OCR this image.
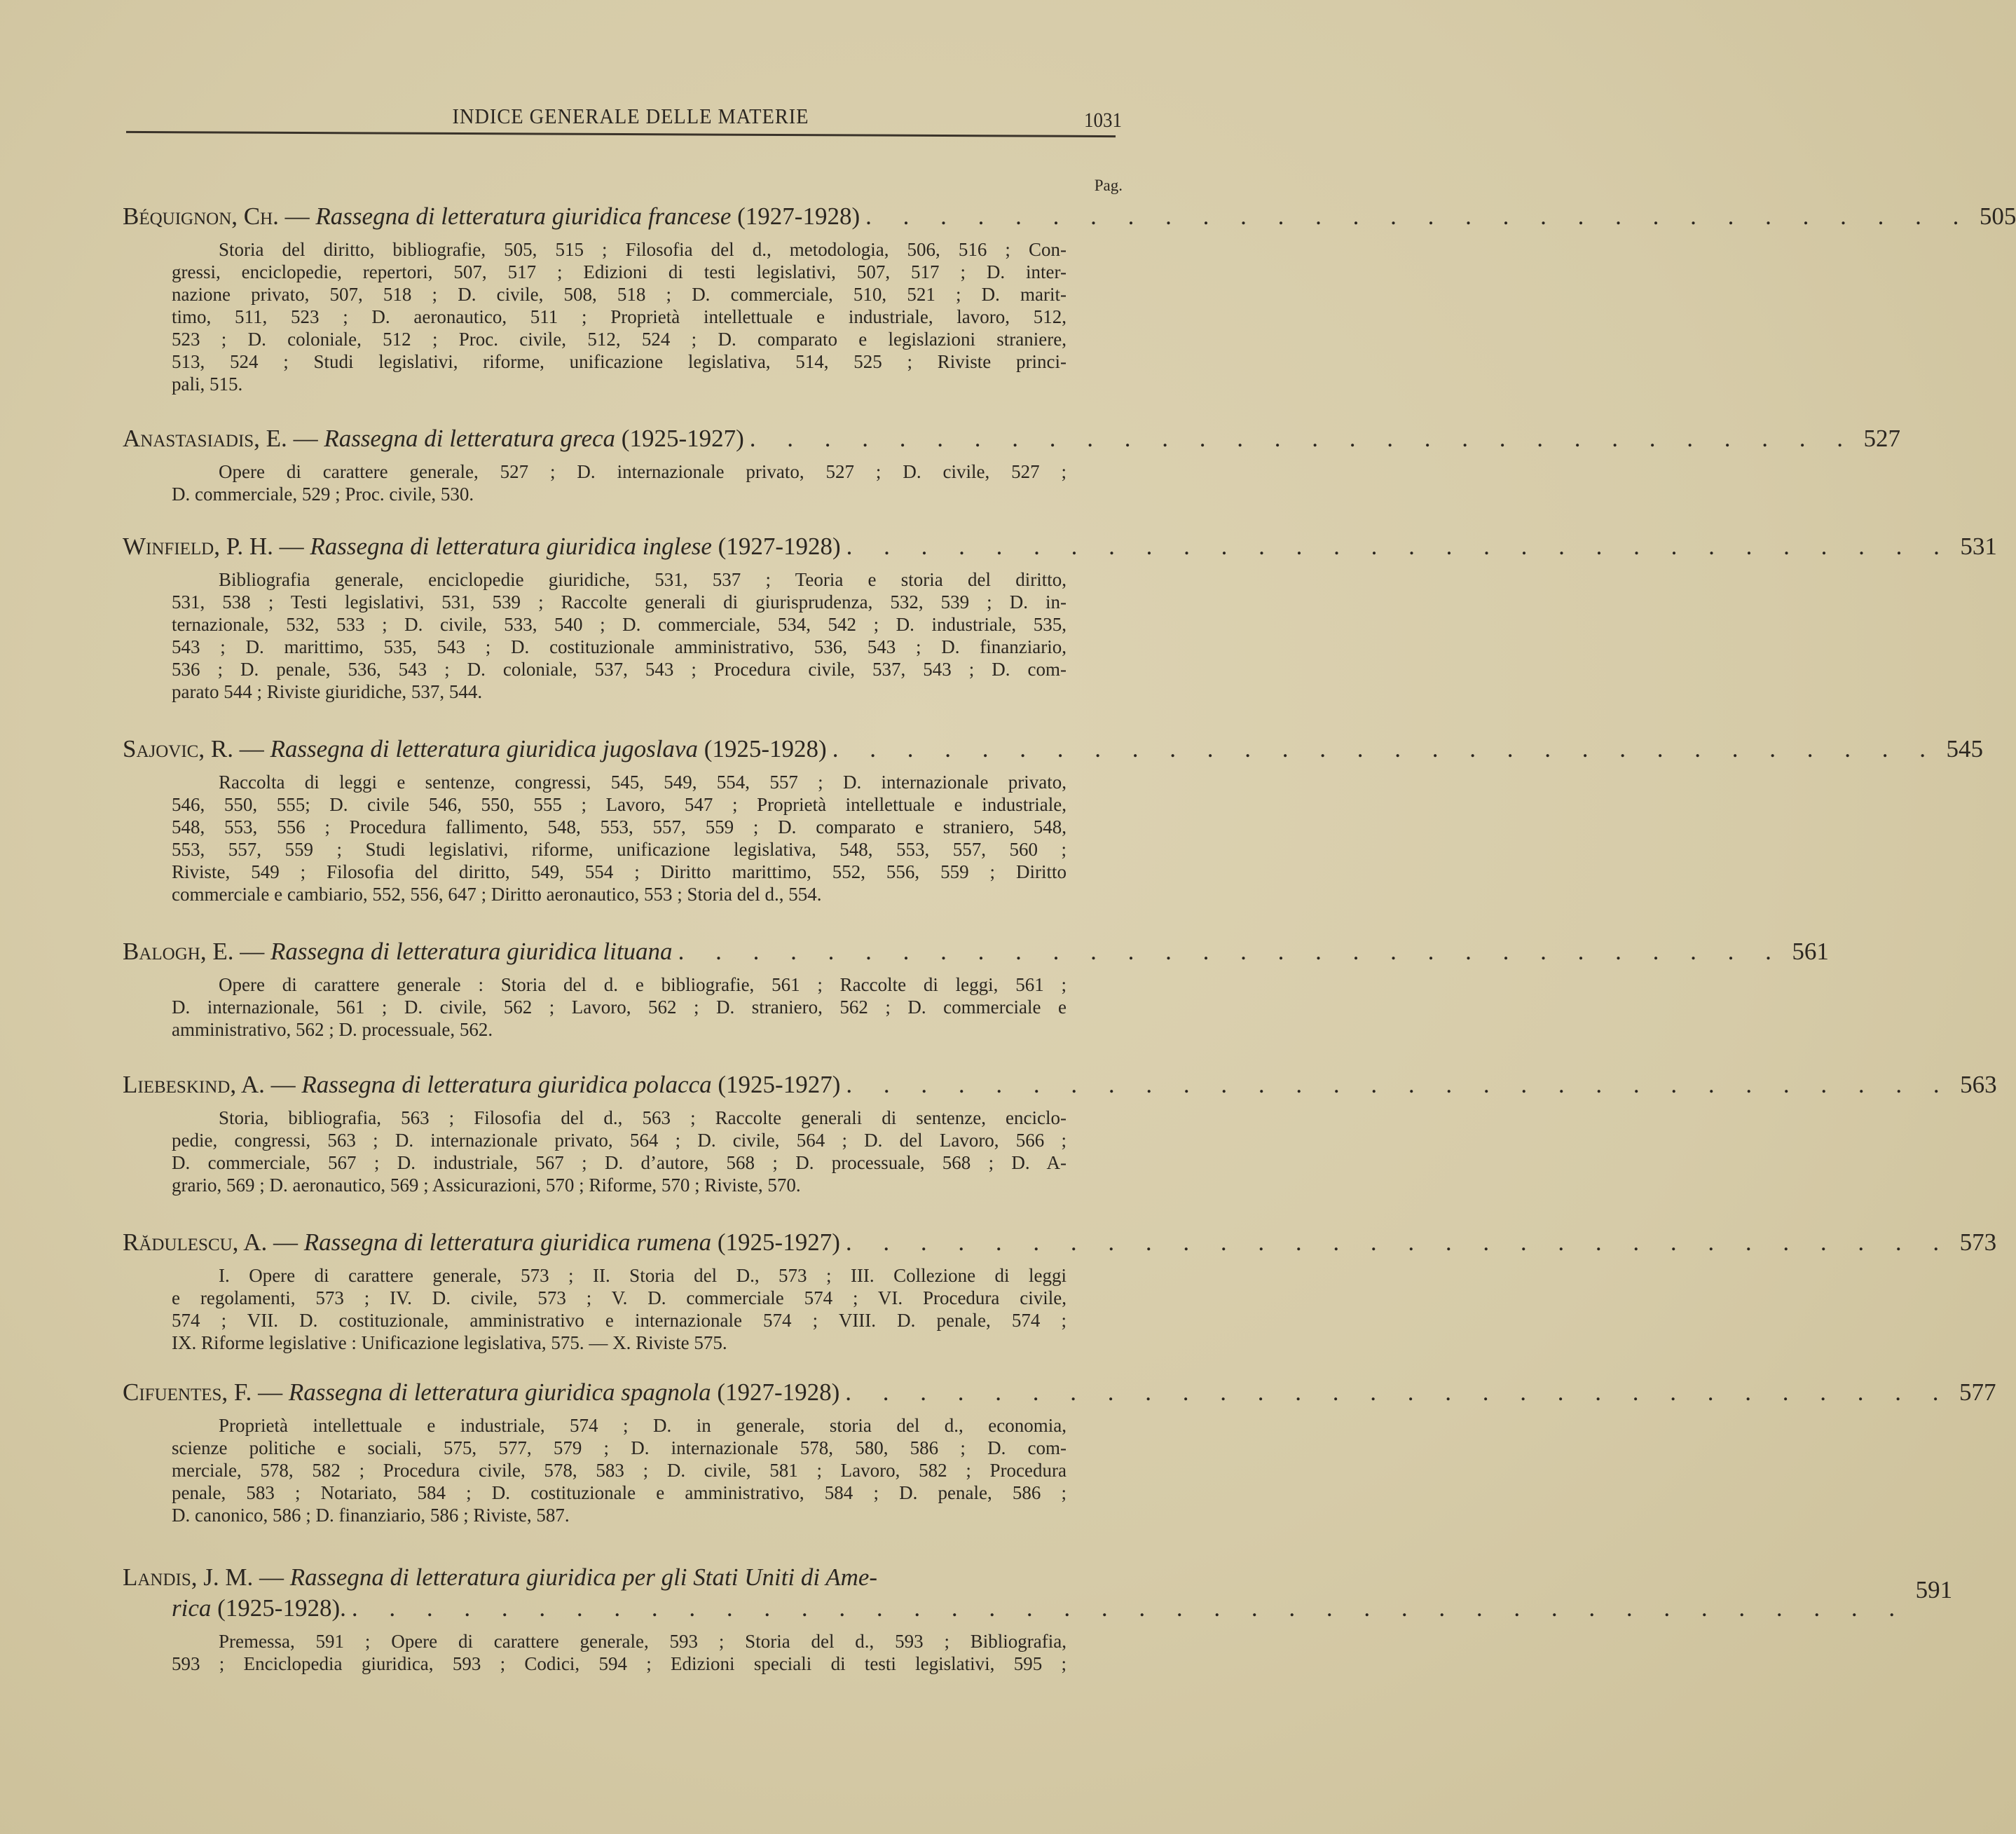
INDICE GENERALE DELLE MATERIE	1031
Pag.
Béquignon, Ch. — Rassegna di letteratura giuridica francese
(1927-1928) . . . . . . . . . . . . . . . . . . . . . . . . . . . . . . 505
Storia del diritto, bibliografie, 505, 515 ; Filosofia del d., metodologia, 506, 516 ; Con-
gressi, enciclopedie, repertori, 507, 517 ; Edizioni di testi legislativi, 507, 517 ; D. inter-
nazione privato, 507, 518 ; D. civile, 508, 518 ; D. commerciale, 510, 521 ; D. marit-
timo, 511, 523 ; D. aeronautico, 511 ; Proprietà intellettuale e industriale, lavoro, 512,
523 ; D. coloniale, 512 ; Proc. civile, 512, 524 ; D. comparato e legislazioni straniere,
513, 524 ; Studi legislativi, riforme, unificazione legislativa, 514, 525 ; Riviste princi-
pali, 515.
Anastasiadis, E. — Rassegna di letteratura greca
(1925-1927) . . . . . . . . . . . . . . . . . . . . . . . . . . . . . . 527
Opere di carattere generale, 527 ; D. internazionale privato, 527 ; D. civile, 527 ;
D. commerciale, 529 ; Proc. civile, 530.
Winfield, P. H. — Rassegna di letteratura giuridica inglese
(1927-1928) . . . . . . . . . . . . . . . . . . . . . . . . . . . . . . 531
Bibliografia generale, enciclopedie giuridiche, 531, 537 ; Teoria e storia del diritto,
531, 538 ; Testi legislativi, 531, 539 ; Raccolte generali di giurisprudenza, 532, 539 ; D. in-
ternazionale, 532, 533 ; D. civile, 533, 540 ; D. commerciale, 534, 542 ; D. industriale, 535,
543 ; D. marittimo, 535, 543 ; D. costituzionale amministrativo, 536, 543 ; D. finanziario,
536 ; D. penale, 536, 543 ; D. coloniale, 537, 543 ; Procedura civile, 537, 543 ; D. com-
parato 544 ; Riviste giuridiche, 537, 544.
Sajovic, R. — Rassegna di letteratura giuridica jugoslava
(1925-1928) . . . . . . . . . . . . . . . . . . . . . . . . . . . . . . 545
Raccolta di leggi e sentenze, congressi, 545, 549, 554, 557 ; D. internazionale privato,
546, 550, 555; D. civile 546, 550, 555 ; Lavoro, 547 ; Proprietà intellettuale e industriale,
548, 553, 556 ; Procedura fallimento, 548, 553, 557, 559 ; D. comparato e straniero, 548,
553, 557, 559 ; Studi legislativi, riforme, unificazione legislativa, 548, 553, 557, 560 ;
Riviste, 549 ; Filosofia del diritto, 549, 554 ; Diritto marittimo, 552, 556, 559 ; Diritto
commerciale e cambiario, 552, 556, 647 ; Diritto aeronautico, 553 ; Storia del d., 554.
Balogh, E. — Rassegna di letteratura giuridica lituana . . . . . . . . . . . . . . . . . . . . . . . . . . . . . . 561
Opere di carattere generale : Storia del d. e bibliografie, 561 ; Raccolte di leggi, 561 ;
D. internazionale, 561 ; D. civile, 562 ; Lavoro, 562 ; D. straniero, 562 ; D. commerciale e
amministrativo, 562 ; D. processuale, 562.
Liebeskind, A. — Rassegna di letteratura giuridica polacca
(1925-1927) . . . . . . . . . . . . . . . . . . . . . . . . . . . . . . 563
Storia, bibliografia, 563 ; Filosofia del d., 563 ; Raccolte generali di sentenze, enciclo-
pedie, congressi, 563 ; D. internazionale privato, 564 ; D. civile, 564 ; D. del Lavoro, 566 ;
D. commerciale, 567 ; D. industriale, 567 ; D. d’autore, 568 ; D. processuale, 568 ; D. A-
grario, 569 ; D. aeronautico, 569 ; Assicurazioni, 570 ; Riforme, 570 ; Riviste, 570.
Rădulescu, A. — Rassegna di letteratura giuridica rumena
(1925-1927) . . . . . . . . . . . . . . . . . . . . . . . . . . . . . . 573
I. Opere di carattere generale, 573 ; II. Storia del D., 573 ; III. Collezione di leggi
e regolamenti, 573 ; IV. D. civile, 573 ; V. D. commerciale 574 ; VI. Procedura civile,
574 ; VII. D. costituzionale, amministrativo e internazionale 574 ; VIII. D. penale, 574 ;
IX. Riforme legislative : Unificazione legislativa, 575. — X. Riviste 575.
Cifuentes, F. — Rassegna di letteratura giuridica spagnola
(1927-1928) . . . . . . . . . . . . . . . . . . . . . . . . . . . . . . 577
Proprietà intellettuale e industriale, 574 ; D. in generale, storia del d., economia,
scienze politiche e sociali, 575, 577, 579 ; D. internazionale 578, 580, 586 ; D. com-
merciale, 578, 582 ; Procedura civile, 578, 583 ; D. civile, 581 ; Lavoro, 582 ; Procedura
penale, 583 ; Notariato, 584 ; D. costituzionale e amministrativo, 584 ; D. penale, 586 ;
D. canonico, 586 ; D. finanziario, 586 ; Riviste, 587.
Landis, J. M. — Rassegna di letteratura giuridica per gli Stati Uniti di Ame-
rica
(1925-1928). . . . . . . . . . . . . . . . . . . . . . . . . . . . . . . . . . . . . . . . . . .
591
Premessa, 591 ; Opere di carattere generale, 593 ; Storia del d., 593 ; Bibliografia,
593 ; Enciclopedia giuridica, 593 ; Codici, 594 ; Edizioni speciali di testi legislativi, 595 ;
